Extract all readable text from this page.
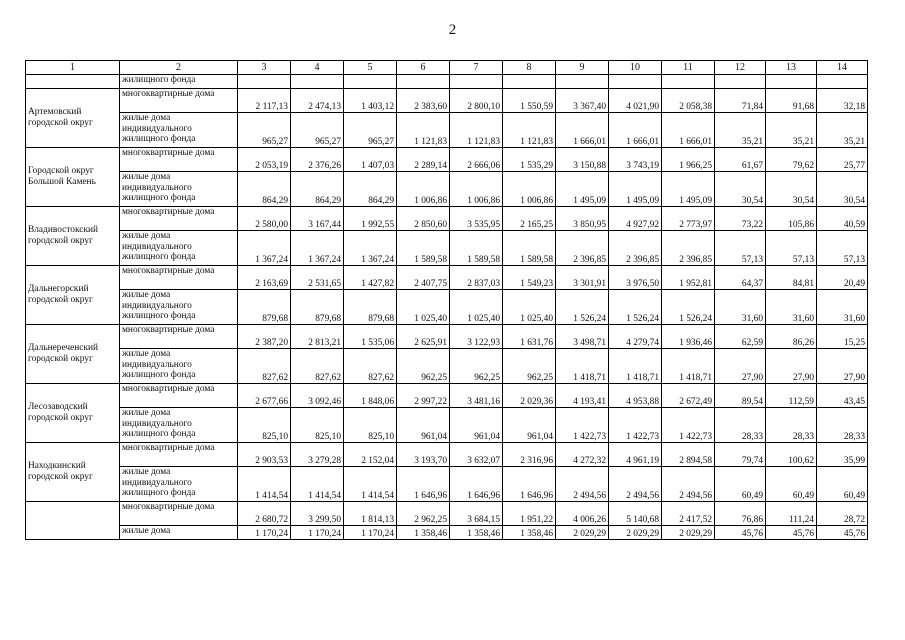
2
1	2	3	4	5	6	7	8	9	10	11	12	13	14
	жилищного фонда												
Артемовский городской округ	многоквартирные дома	2 117,13	2 474,13	1 403,12	2 383,60	2 800,10	1 550,59	3 367,40	4 021,90	2 058,38	71,84	91,68	32,18
	жилые дома индивидуального жилищного фонда	965,27	965,27	965,27	1 121,83	1 121,83	1 121,83	1 666,01	1 666,01	1 666,01	35,21	35,21	35,21
Городской округ Большой Камень	многоквартирные дома	2 053,19	2 376,26	1 407,03	2 289,14	2 666,06	1 535,29	3 150,88	3 743,19	1 966,25	61,67	79,62	25,77
	жилые дома индивидуального жилищного фонда	864,29	864,29	864,29	1 006,86	1 006,86	1 006,86	1 495,09	1 495,09	1 495,09	30,54	30,54	30,54
Владивостокский городской округ	многоквартирные дома	2 580,00	3 167,44	1 992,55	2 850,60	3 535,95	2 165,25	3 850,95	4 927,92	2 773,97	73,22	105,86	40,59
	жилые дома индивидуального жилищного фонда	1 367,24	1 367,24	1 367,24	1 589,58	1 589,58	1 589,58	2 396,85	2 396,85	2 396,85	57,13	57,13	57,13
Дальнегорский городской округ	многоквартирные дома	2 163,69	2 531,65	1 427,82	2 407,75	2 837,03	1 549,23	3 301,91	3 976,50	1 952,81	64,37	84,81	20,49
	жилые дома индивидуального жилищного фонда	879,68	879,68	879,68	1 025,40	1 025,40	1 025,40	1 526,24	1 526,24	1 526,24	31,60	31,60	31,60
Дальнереченский городской округ	многоквартирные дома	2 387,20	2 813,21	1 535,06	2 625,91	3 122,93	1 631,76	3 498,71	4 279,74	1 936,46	62,59	86,26	15,25
	жилые дома индивидуального жилищного фонда	827,62	827,62	827,62	962,25	962,25	962,25	1 418,71	1 418,71	1 418,71	27,90	27,90	27,90
Лесозаводский городской округ	многоквартирные дома	2 677,66	3 092,46	1 848,06	2 997,22	3 481,16	2 029,36	4 193,41	4 953,88	2 672,49	89,54	112,59	43,45
	жилые дома индивидуального жилищного фонда	825,10	825,10	825,10	961,04	961,04	961,04	1 422,73	1 422,73	1 422,73	28,33	28,33	28,33
Находкинский городской округ	многоквартирные дома	2 903,53	3 279,28	2 152,04	3 193,70	3 632,07	2 316,96	4 272,32	4 961,19	2 894,58	79,74	100,62	35,99
	жилые дома индивидуального жилищного фонда	1 414,54	1 414,54	1 414,54	1 646,96	1 646,96	1 646,96	2 494,56	2 494,56	2 494,56	60,49	60,49	60,49
	многоквартирные дома	2 680,72	3 299,50	1 814,13	2 962,25	3 684,15	1 951,22	4 006,26	5 140,68	2 417,52	76,86	111,24	28,72
	жилые дома	1 170,24	1 170,24	1 170,24	1 358,46	1 358,46	1 358,46	2 029,29	2 029,29	2 029,29	45,76	45,76	45,76
